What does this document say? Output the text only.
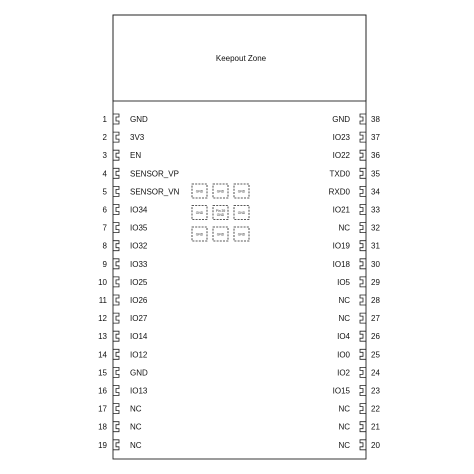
Keepout Zone
1	GND
2	3V3
3	EN
4	SENSOR_VP
5	SENSOR_VN
6	IO34
7	IO35
8	IO32
9	IO33
10	IO25
11	IO26
12	IO27
13	IO14
14	IO12
15	GND
16	IO13
17	NC
18	NC
19	NC
GND	38
IO23	37
IO22	36
TXD0	35
RXD0	34
IO21	33
NC	32
IO19	31
IO18	30
IO5	29
NC	28
NC	27
IO4	26
IO0	25
IO2	24
IO15	23
NC	22
NC	21
NC	20
GND	GND	GND
GND	Pin 39 GND
GND
GND	GND	GND
